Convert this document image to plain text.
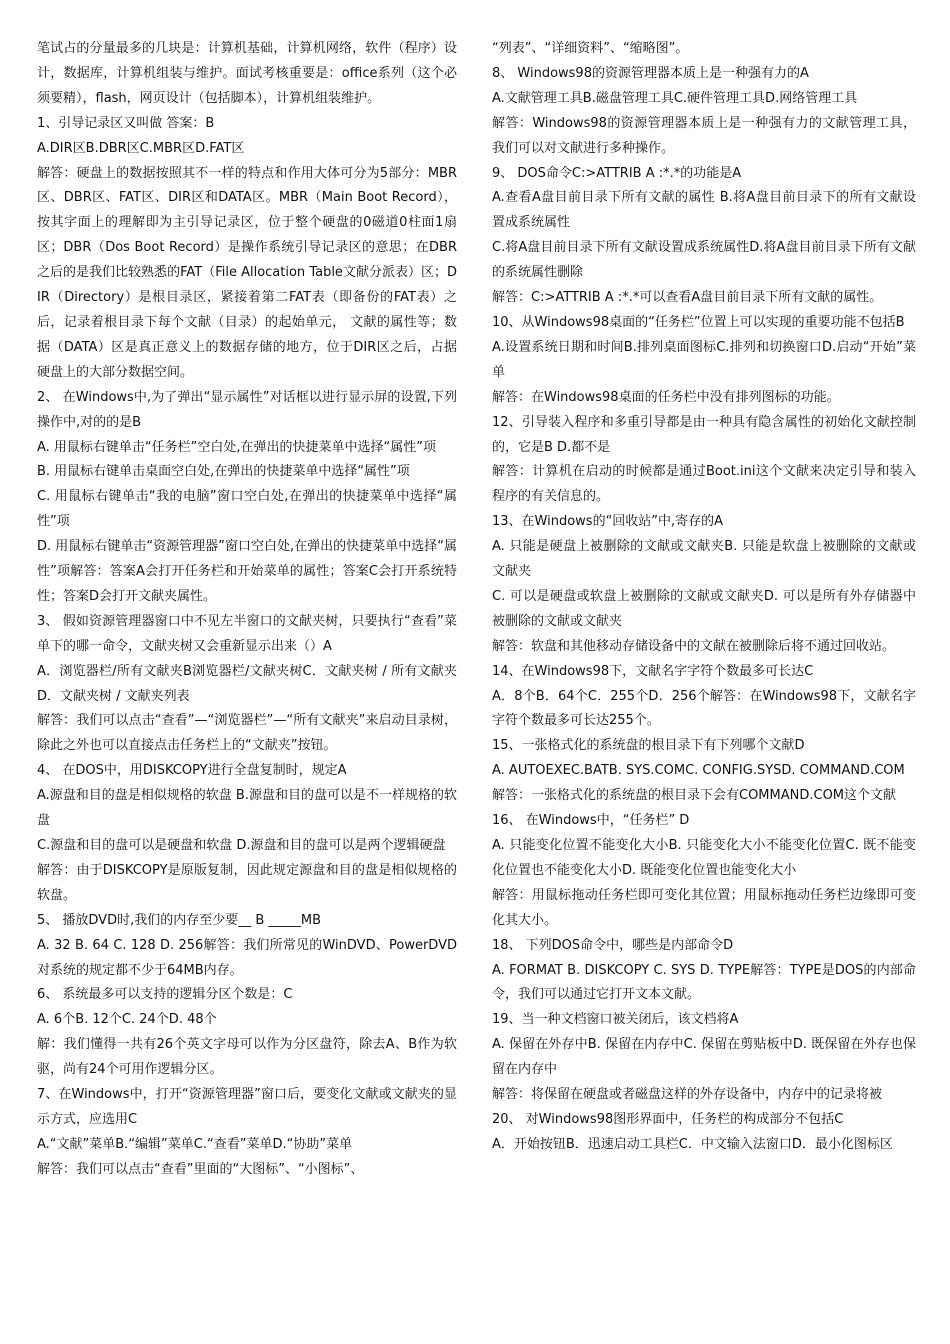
笔试占的分量最多的几块是：计算机基础，计算机网络，软件（程序）设计，数据库，计算机组装与维护。面试考核重要是：office系列（这个必须要精），flash，网页设计（包括脚本），计算机组装维护。

1、引导记录区又叫做 答案：B

A.DIR区B.DBR区C.MBR区D.FAT区

解答：硬盘上的数据按照其不一样的特点和作用大体可分为5部分：MBR区、DBR区、FAT区、DIR区和DATA区。MBR（Main Boot Record），按其字面上的理解即为主引导记录区，位于整个硬盘的0磁道0柱面1扇区；DBR（Dos Boot Record）是操作系统引导记录区的意思；在DBR之后的是我们比较熟悉的FAT（File Allocation Table文献分派表）区；DIR（Directory）是根目录区，紧接着第二FAT表（即备份的FAT表）之后，记录着根目录下每个文献（目录）的起始单元， 文献的属性等；数据（DATA）区是真正意义上的数据存储的地方，位于DIR区之后，占据硬盘上的大部分数据空间。

2、 在Windows中,为了弹出“显示属性”对话框以进行显示屏的设置,下列操作中,对的的是B

A. 用鼠标右键单击“任务栏”空白处,在弹出的快捷菜单中选择“属性”项

B. 用鼠标右键单击桌面空白处,在弹出的快捷菜单中选择“属性”项

C. 用鼠标右键单击“我的电脑”窗口空白处,在弹出的快捷菜单中选择“属性”项

D. 用鼠标右键单击“资源管理器”窗口空白处,在弹出的快捷菜单中选择“属性”项解答：答案A会打开任务栏和开始菜单的属性；答案C会打开系统特性；答案D会打开文献夹属性。

3、 假如资源管理器窗口中不见左半窗口的文献夹树，只要执行“查看”菜单下的哪一命令，文献夹树又会重新显示出来（）A

A．浏览器栏/所有文献夹B浏览器栏/文献夹树C．文献夹树 / 所有文献夹 D．文献夹树 / 文献夹列表

解答：我们可以点击“查看”—“浏览器栏”—“所有文献夹”来启动目录树，除此之外也可以直接点击任务栏上的“文献夹”按钮。

4、 在DOS中，用DISKCOPY进行全盘复制时，规定A

A.源盘和目的盘是相似规格的软盘 B.源盘和目的盘可以是不一样规格的软盘

C.源盘和目的盘可以是硬盘和软盘 D.源盘和目的盘可以是两个逻辑硬盘

解答：由于DISKCOPY是原版复制，因此规定源盘和目的盘是相似规格的软盘。

5、 播放DVD时,我们的内存至少要__ B _____MB

A. 32 B. 64 C. 128 D. 256解答：我们所常见的WinDVD、PowerDVD对系统的规定都不少于64MB内存。

6、 系统最多可以支持的逻辑分区个数是：C

A. 6个B. 12个C. 24个D. 48个

解：我们懂得一共有26个英文字母可以作为分区盘符，除去A、B作为软驱，尚有24个可用作逻辑分区。

7、在Windows中，打开“资源管理器”窗口后，要变化文献或文献夹的显示方式，应选用C

A.“文献”菜单B.“编辑”菜单C.“查看”菜单D.“协助”菜单

解答：我们可以点击“查看”里面的“大图标”、“小图标”、

“列表”、“详细资料”、“缩略图”。

8、 Windows98的资源管理器本质上是一种强有力的A

A.文献管理工具B.磁盘管理工具C.硬件管理工具D.网络管理工具

解答：Windows98的资源管理器本质上是一种强有力的文献管理工具，我们可以对文献进行多种操作。

9、 DOS命令C:>ATTRIB A :*.*的功能是A

A.查看A盘目前目录下所有文献的属性 B.将A盘目前目录下的所有文献设置成系统属性

C.将A盘目前目录下所有文献设置成系统属性D.将A盘目前目录下所有文献的系统属性删除

解答：C:>ATTRIB A :*.*可以查看A盘目前目录下所有文献的属性。

10、从Windows98桌面的“任务栏”位置上可以实现的重要功能不包括B

A.设置系统日期和时间B.排列桌面图标C.排列和切换窗口D.启动“开始”菜单

解答：在Windows98桌面的任务栏中没有排列图标的功能。

12、引导装入程序和多重引导都是由一种具有隐含属性的初始化文献控制的，它是B D.都不是

解答：计算机在启动的时候都是通过Boot.ini这个文献来决定引导和装入程序的有关信息的。

13、在Windows的“回收站”中,寄存的A

A. 只能是硬盘上被删除的文献或文献夹B. 只能是软盘上被删除的文献或文献夹

C. 可以是硬盘或软盘上被删除的文献或文献夹D. 可以是所有外存储器中被删除的文献或文献夹

解答：软盘和其他移动存储设备中的文献在被删除后将不通过回收站。

14、在Windows98下，文献名字字符个数最多可长达C

A．8个B．64个C．255个D．256个解答：在Windows98下，文献名字字符个数最多可长达255个。

15、一张格式化的系统盘的根目录下有下列哪个文献D

A. AUTOEXEC.BATB. SYS.COMC. CONFIG.SYSD. COMMAND.COM

解答：一张格式化的系统盘的根目录下会有COMMAND.COM这个文献

16、 在Windows中，“任务栏” D

A. 只能变化位置不能变化大小B. 只能变化大小不能变化位置C. 既不能变化位置也不能变化大小D. 既能变化位置也能变化大小

解答：用鼠标拖动任务栏即可变化其位置；用鼠标拖动任务栏边缘即可变化其大小。

18、 下列DOS命令中，哪些是内部命令D

A. FORMAT B. DISKCOPY C. SYS D. TYPE解答：TYPE是DOS的内部命令，我们可以通过它打开文本文献。

19、当一种文档窗口被关闭后，该文档将A

A. 保留在外存中B. 保留在内存中C. 保留在剪贴板中D. 既保留在外存也保留在内存中

解答：将保留在硬盘或者磁盘这样的外存设备中，内存中的记录将被

20、 对Windows98图形界面中，任务栏的构成部分不包括C

A．开始按钮B．迅速启动工具栏C．中文输入法窗口D．最小化图标区
